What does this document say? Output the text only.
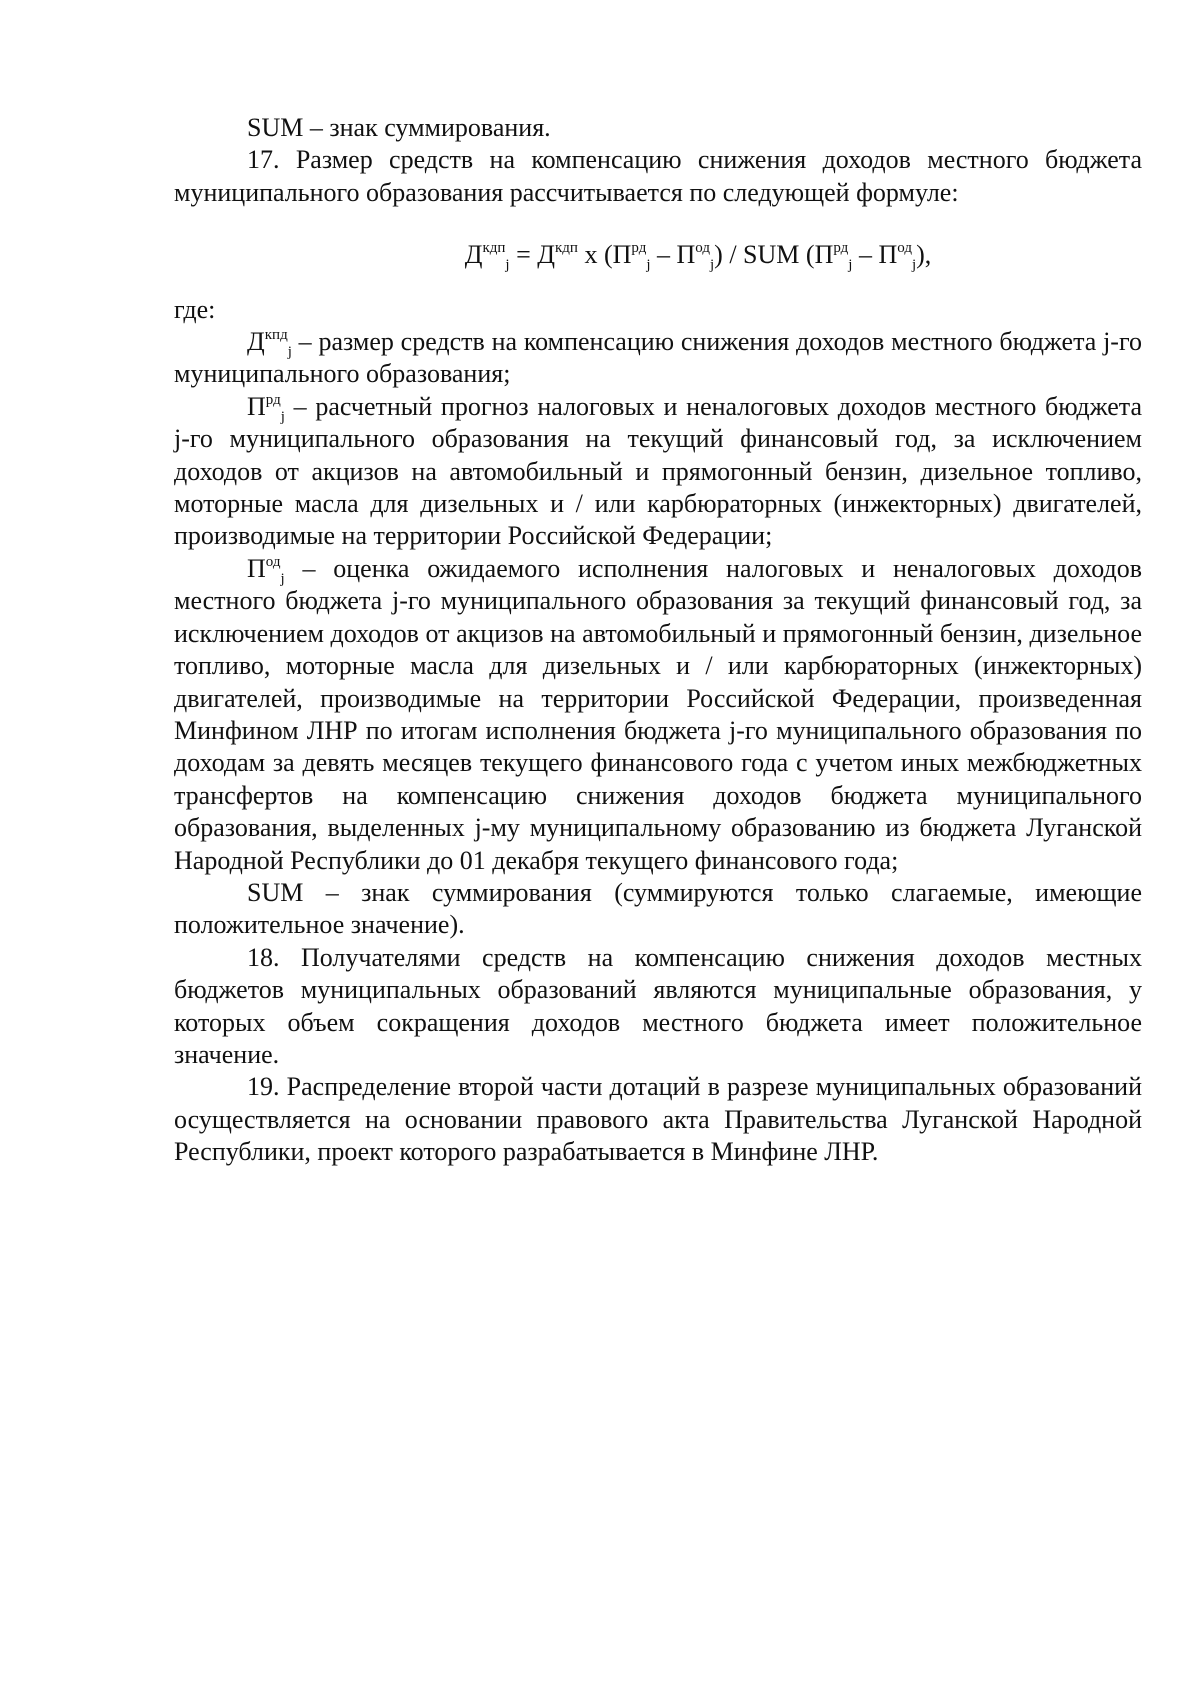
SUM – знак суммирования.

17. Размер средств на компенсацию снижения доходов местного бюджета муниципального образования рассчитывается по следующей формуле:

$Д^{кдп}_j = Д^{кдп}$ x $(П^{рд}_j - П^{од}_j)$ / SUM $(П^{рд}_j - П^{од}_j)$,

где:

$Д^{кпд}_j$ – размер средств на компенсацию снижения доходов местного бюджета j-го муниципального образования;

$П^{рд}_j$ – расчетный прогноз налоговых и неналоговых доходов местного бюджета j-го муниципального образования на текущий финансовый год, за исключением доходов от акцизов на автомобильный и прямогонный бензин, дизельное топливо, моторные масла для дизельных и / или карбюраторных (инжекторных) двигателей, производимые на территории Российской Федерации;

$П^{од}_j$ – оценка ожидаемого исполнения налоговых и неналоговых доходов местного бюджета j-го муниципального образования за текущий финансовый год, за исключением доходов от акцизов на автомобильный и прямогонный бензин, дизельное топливо, моторные масла для дизельных и / или карбюраторных (инжекторных) двигателей, производимые на территории Российской Федерации, произведенная Минфином ЛНР по итогам исполнения бюджета j-го муниципального образования по доходам за девять месяцев текущего финансового года с учетом иных межбюджетных трансфертов на компенсацию снижения доходов бюджета муниципального образования, выделенных j-му муниципальному образованию из бюджета Луганской Народной Республики до 01 декабря текущего финансового года;

SUM – знак суммирования (суммируются только слагаемые, имеющие положительное значение).

18. Получателями средств на компенсацию снижения доходов местных бюджетов муниципальных образований являются муниципальные образования, у которых объем сокращения доходов местного бюджета имеет положительное значение.

19. Распределение второй части дотаций в разрезе муниципальных образований осуществляется на основании правового акта Правительства Луганской Народной Республики, проект которого разрабатывается в Минфине ЛНР.
